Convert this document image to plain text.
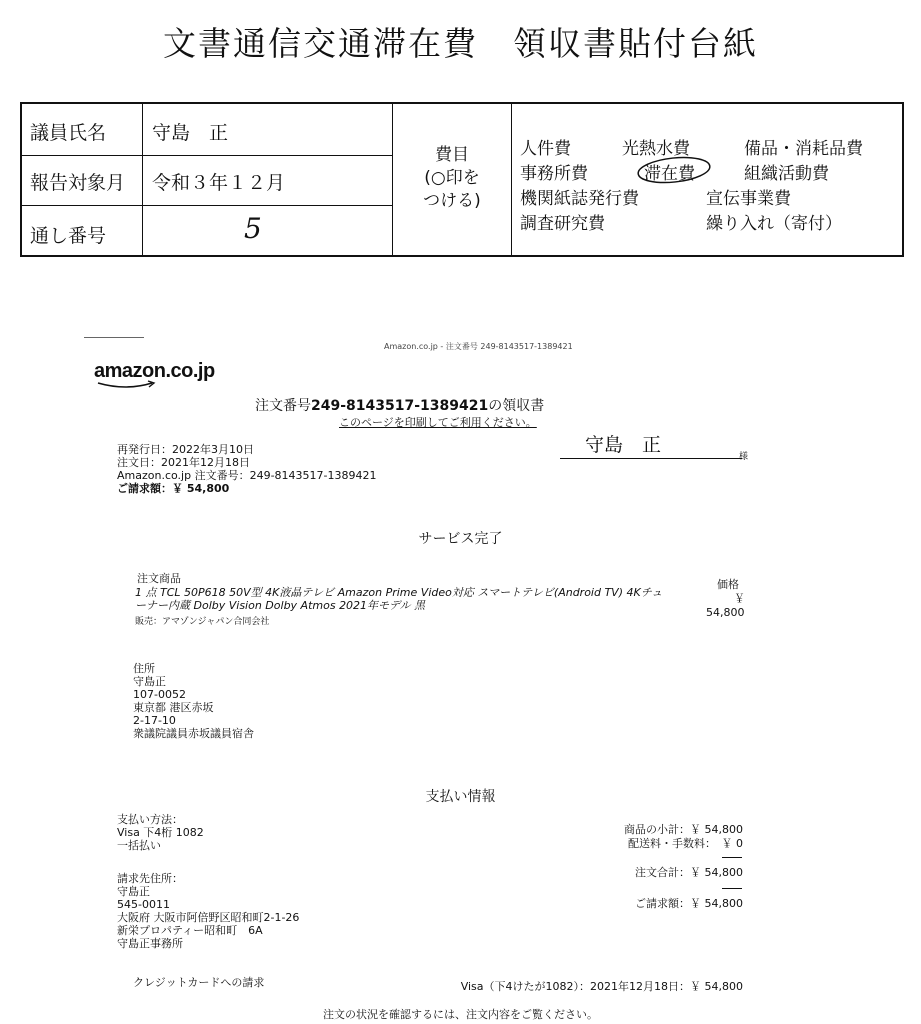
文書通信交通滞在費　領収書貼付台紙
議員氏名 守島　正
報告対象月 令和３年１２月
通し番号	5
費目
(○印を
つける)
人件費	光熱水費	備品・消耗品費
事務所費	滞在費	組織活動費
機関紙誌発行費	宣伝事業費
調査研究費	繰り入れ（寄付）
Amazon.co.jp - 注文番号 249-8143517-1389421
amazon.co.jp
注文番号249-8143517-1389421の領収書
このページを印刷してご利用ください。
守島　正
様
再発行日：2022年3月10日
注文日：2021年12月18日
Amazon.co.jp 注文番号：249-8143517-1389421
ご請求額：￥ 54,800
サービス完了
注文商品	価格
1 点 TCL 50P618 50V型 4K液晶テレビ Amazon Prime Video対応 スマートテレビ(Android TV) 4Kチュ
ーナー内蔵 Dolby Vision Dolby Atmos 2021年モデル 黒
販売：アマゾンジャパン合同会社
￥
54,800
住所
守島正
107-0052
東京都 港区赤坂
2-17-10
衆議院議員赤坂議員宿舎
支払い情報
支払い方法：
Visa 下4桁 1082
一括払い
請求先住所：
守島正
545-0011
大阪府 大阪市阿倍野区昭和町2-1-26
新栄プロパティー昭和町　6A
守島正事務所
商品の小計：￥ 54,800
配送料・手数料：　￥ 0
注文合計：￥ 54,800
ご請求額：￥ 54,800
クレジットカードへの請求	Visa（下4けたが1082）：2021年12月18日：￥ 54,800
注文の状況を確認するには、注文内容をご覧ください。
